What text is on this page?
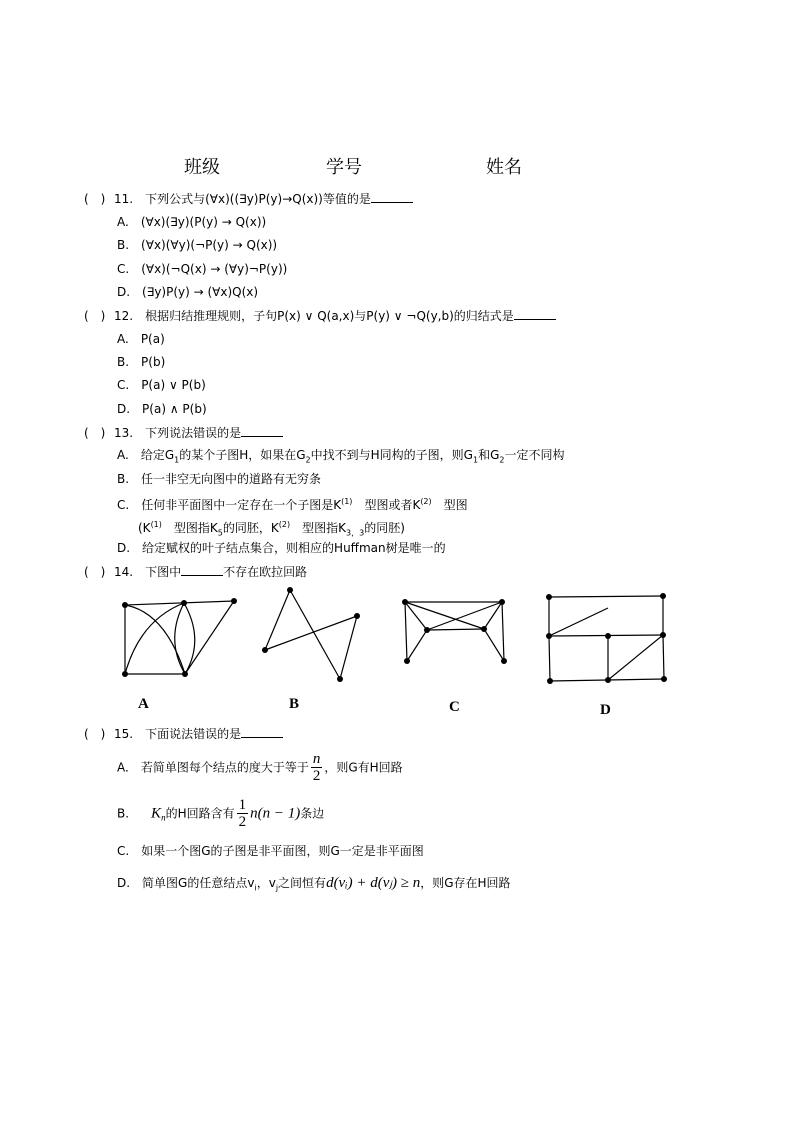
班级	学号	姓名
(　) 11.　下列公式与(∀x)((∃y)P(y)→Q(x))等值的是
A.　(∀x)(∃y)(P(y) → Q(x))
B.　(∀x)(∀y)(¬P(y) → Q(x))
C.　(∀x)(¬Q(x) → (∀y)¬P(y))
D.　(∃y)P(y) → (∀x)Q(x)
(　) 12.　根据归结推理规则，子句P(x) ∨ Q(a,x)与P(y) ∨ ¬Q(y,b)的归结式是
A.　P(a)
B.　P(b)
C.　P(a) ∨ P(b)
D.　P(a) ∧ P(b)
(　) 13.　下列说法错误的是
A.　给定$G_1$的某个子图H，如果在$G_2$中找不到与H同构的子图，则$G_1$和$G_2$一定不同构
B.　任一非空无向图中的道路有无穷条
C.　任何非平面图中一定存在一个子图是$K^{(1)}$　 型图或者$K^{(2)}$　 型图
($K^{(1)}$　 型图指$K_5$的同胚，$K^{(2)}$　 型图指$K_{3,3}$的同胚)
D.　给定赋权的叶子结点集合，则相应的Huffman树是唯一的
(　) 14.　下图中	不存在欧拉回路
A	B	C	D
(　) 15.　下面说法错误的是
A.　若简单图每个结点的度大于等于 $\frac{n}{2}$ ，则G有H回路
B. $K_n$的H回路含有 $\frac{1}{2} n(n - 1)$条边
C.　如果一个图G的子图是非平面图，则G一定是非平面图
D.　简单图G的任意结点$v_i$，$v_j$之间恒有d(vᵢ) + d(vⱼ) ≥ n，则G存在H回路
